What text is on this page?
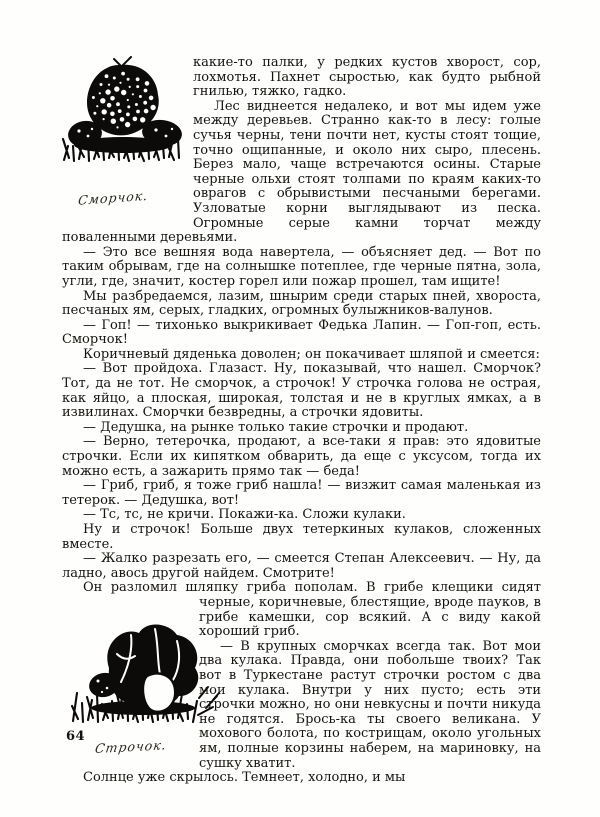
Сморчок.

какие-то палки, у редких кустов хворост, сор, лохмотья. Пахнет сыростью, как будто рыбной гнилью, тяжко, гадко.

Лес виднеется недалеко, и вот мы идем уже между деревьев. Странно как-то в лесу: голые сучья черны, тени почти нет, кусты стоят тощие, точно ощипанные, и около них сыро, плесень. Берез мало, чаще встречаются осины. Старые черные ольхи стоят толпами по краям каких-то оврагов с обрывистыми песчаными берегами. Узловатые корни выглядывают из песка. Огромные серые камни торчат между поваленными деревьями.

— Это все вешняя вода навертела, — объясняет дед. — Вот по таким обрывам, где на солнышке потеплее, где черные пятна, зола, угли, где, значит, костер горел или пожар прошел, там ищите!

Мы разбредаемся, лазим, шнырим среди старых пней, хвороста, песчаных ям, серых, гладких, огромных булыжников-валунов.

— Гоп! — тихонько выкрикивает Федька Лапин. — Гоп-гоп, есть. Сморчок!

Коричневый дяденька доволен; он покачивает шляпой и смеется:

— Вот пройдоха. Глазаст. Ну, показывай, что нашел. Сморчок? Тот, да не тот. Не сморчок, а строчок! У строчка голова не острая, как яйцо, а плоская, широкая, толстая и не в круглых ямках, а в извилинах. Сморчки безвредны, а строчки ядовиты.

— Дедушка, на рынке только такие строчки и продают.

— Верно, тетерочка, продают, а все-таки я прав: это ядовитые строчки. Если их кипятком обварить, да еще с уксусом, тогда их можно есть, а зажарить прямо так — беда!

— Гриб, гриб, я тоже гриб нашла! — визжит самая маленькая из тетерок. — Дедушка, вот!

— Тс, тс, не кричи. Покажи-ка. Сложи кулаки.

Ну и строчок! Больше двух тетеркиных кулаков, сложенных вместе.

— Жалко разрезать его, — смеется Степан Алексеевич. — Ну, да ладно, авось другой найдем. Смотрите!

Он разломил шляпку гриба пополам. В грибе клещики сидят черные,
Строчок.
коричневые, блестящие, вроде пауков, в грибе камешки, сор всякий. А с виду какой хороший гриб.

— В крупных сморчках всегда так. Вот мои два кулака. Правда, они побольше твоих? Так вот в Туркестане растут строчки ростом с два мои кулака. Внутри у них пусто; есть эти строчки можно, но они невкусны и почти никуда не годятся. Брось-ка ты своего великана. У мохового болота, по кострищам, около угольных ям, полные корзины наберем, на мариновку, на сушку хватит.

Солнце уже скрылось. Темнеет, холодно, и мы

64
